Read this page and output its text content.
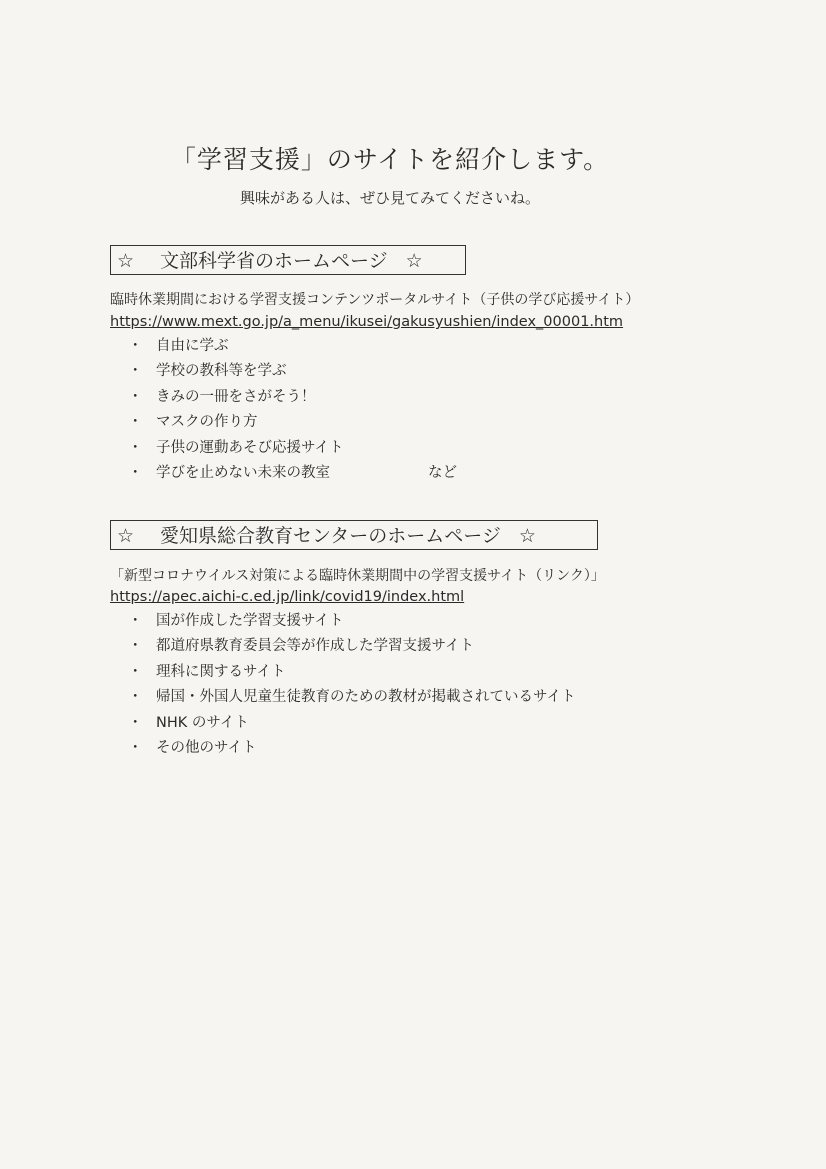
「学習支援」のサイトを紹介します。

興味がある人は、ぜひ見てみてくださいね。

☆ 文部科学省のホームページ ☆
臨時休業期間における学習支援コンテンツポータルサイト（子供の学び応援サイト）
https://www.mext.go.jp/a_menu/ikusei/gakusyushien/index_00001.htm
・ 自由に学ぶ
・ 学校の教科等を学ぶ
・ きみの一冊をさがそう！
・ マスクの作り方
・ 子供の運動あそび応援サイト
・ 学びを止めない未来の教室	など
☆ 愛知県総合教育センターのホームページ ☆
「新型コロナウイルス対策による臨時休業期間中の学習支援サイト（リンク）」
https://apec.aichi-c.ed.jp/link/covid19/index.html
・ 国が作成した学習支援サイト
・ 都道府県教育委員会等が作成した学習支援サイト
・ 理科に関するサイト
・ 帰国・外国人児童生徒教育のための教材が掲載されているサイト
・ NHK のサイト
・ その他のサイト
